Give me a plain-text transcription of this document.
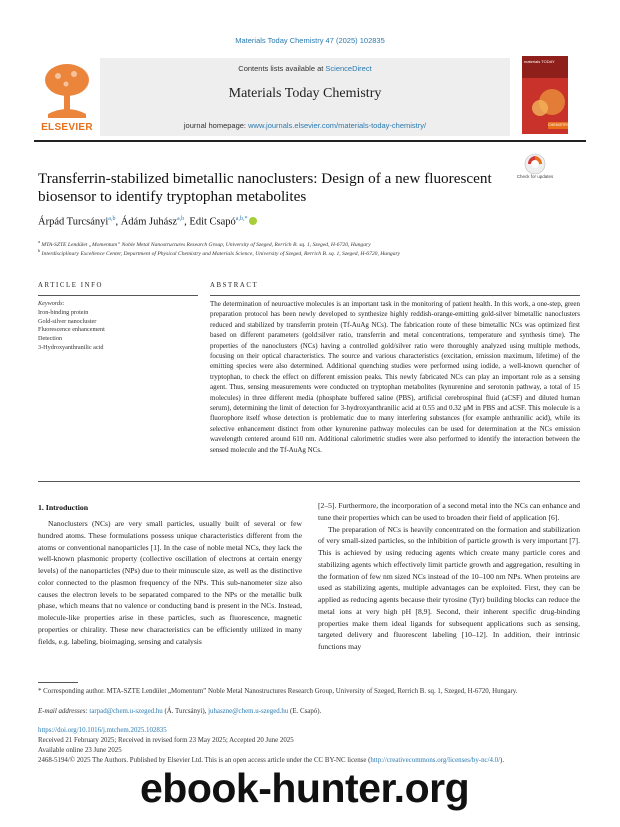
Materials Today Chemistry 47 (2025) 102835
ELSEVIER
Contents lists available at ScienceDirect
Materials Today Chemistry
journal homepage: www.journals.elsevier.com/materials-today-chemistry/
materials TODAY
CHEMISTRY
Transferrin-stabilized bimetallic nanoclusters: Design of a new fluorescent biosensor to identify tryptophan metabolites
Check for updates
Árpád Turcsányi$^{a,b}$, Ádám Juhász$^{a,b}$, Edit Csapó$^{a,b,*}$
$^a$ MTA-SZTE Lendület „Momentum” Noble Metal Nanostructures Research Group, University of Szeged, Rerrich B. sq. 1, Szeged, H-6720, Hungary
$^b$ Interdisciplinary Excellence Center, Department of Physical Chemistry and Materials Science, University of Szeged, Rerrich B. sq. 1, Szeged, H-6720, Hungary
ARTICLE INFO	ABSTRACT
Keywords:
Iron-binding protein
Gold-silver nanocluster
Fluorescence enhancement
Detection
3-Hydroxyanthranilic acid
The determination of neuroactive molecules is an important task in the monitoring of patient health. In this work, a one-step, green preparation protocol has been newly developed to synthesize highly reddish-orange-emitting gold-silver bimetallic nanoclusters reduced and stabilized by transferrin protein (Tf-AuAg NCs). The fabrication route of these bimetallic NCs was optimized first based on different parameters (gold:silver ratio, transferrin and metal concentrations, temperature and synthesis time). The properties of the nanoclusters (NCs) having a controlled gold/silver ratio were thoroughly analyzed using multiple methods, focusing on their optical characteristics. The source and various characteristics (excitation, emission maximum, lifetime) of the emitting species were also determined. Additional quenching studies were performed using iodide, a well-known quencher of tryptophan, to check the effect on different emission peaks. This newly fabricated NCs can play an important role as a sensing agent. Thus, sensing measurements were conducted on tryptophan metabolites (kynurenine and serotonin pathway, a total of 15 molecules) in three different media (phosphate buffered saline (PBS), artificial cerebrospinal fluid (aCSF) and diluted human serum), determining the limit of detection for 3-hydroxyanthranilic acid at 0.55 and 0.32 μM in PBS and aCSF. This molecule is a fluorophore itself whose detection is problematic due to many interfering substances (for example anthranilic acid), while its selective enhancement distinct from other kynurenine pathway molecules can be used for determination at the NCs emission wavelength centered around 610 nm. Additional calorimetric studies were also performed to identify the interaction between the sensed molecule and the Tf-AuAg NCs.
1. Introduction

Nanoclusters (NCs) are very small particles, usually built of several or few hundred atoms. These formulations possess unique characteristics different from the atoms or conventional nanoparticles [1]. In the case of noble metal NCs, they lack the well-known plasmonic property (collective oscillation of electrons at certain energy levels) of the nanoparticles (NPs) due to their minuscule size, as well as the distinctive color connected to the plasmon frequency of the NPs. This sub-nanometer size also causes the electron levels to be separated compared to the NPs or the metallic bulk phase, which means that no valence or conducting band is present in the NCs. Instead, molecule-like properties arise in these particles, such as fluorescence, magnetic properties or chirality. These new characteristics can be efficiently utilized in many fields, e.g. labeling, bioimaging, sensing and catalysis

[2–5]. Furthermore, the incorporation of a second metal into the NCs can enhance and tune their properties which can be used to broaden their field of application [6].

The preparation of NCs is heavily concentrated on the formation and stabilization of very small-sized particles, so the inhibition of particle growth is very important [7]. This is achieved by using reducing agents which create many particle cores and stabilizing agents which effectively limit particle growth and aggregation, resulting in the formation of few nm sized NCs instead of the 10–100 nm NPs. When proteins are used as stabilizing agents, multiple advantages can be exploited. First, they can be applied as reducing agents because their tyrosine (Tyr) building blocks can reduce the metal ions at very high pH [8,9]. Second, their inherent specific drug-binding properties make them ideal ligands for subsequent applications such as sensing, targeted delivery and fluorescent labeling [10–12]. In addition, their intrinsic functions may

* Corresponding author. MTA-SZTE Lendület „Momentum” Noble Metal Nanostructures Research Group, University of Szeged, Rerrich B. sq. 1, Szeged, H-6720, Hungary.
E-mail addresses: tarpad@chem.u-szeged.hu (Á. Turcsányi), juhaszne@chem.u-szeged.hu (E. Csapó).
https://doi.org/10.1016/j.mtchem.2025.102835
Received 21 February 2025; Received in revised form 23 May 2025; Accepted 20 June 2025
Available online 23 June 2025
2468-5194/© 2025 The Authors. Published by Elsevier Ltd. This is an open access article under the CC BY-NC license (http://creativecommons.org/licenses/by-nc/4.0/).
ebook-hunter.org
